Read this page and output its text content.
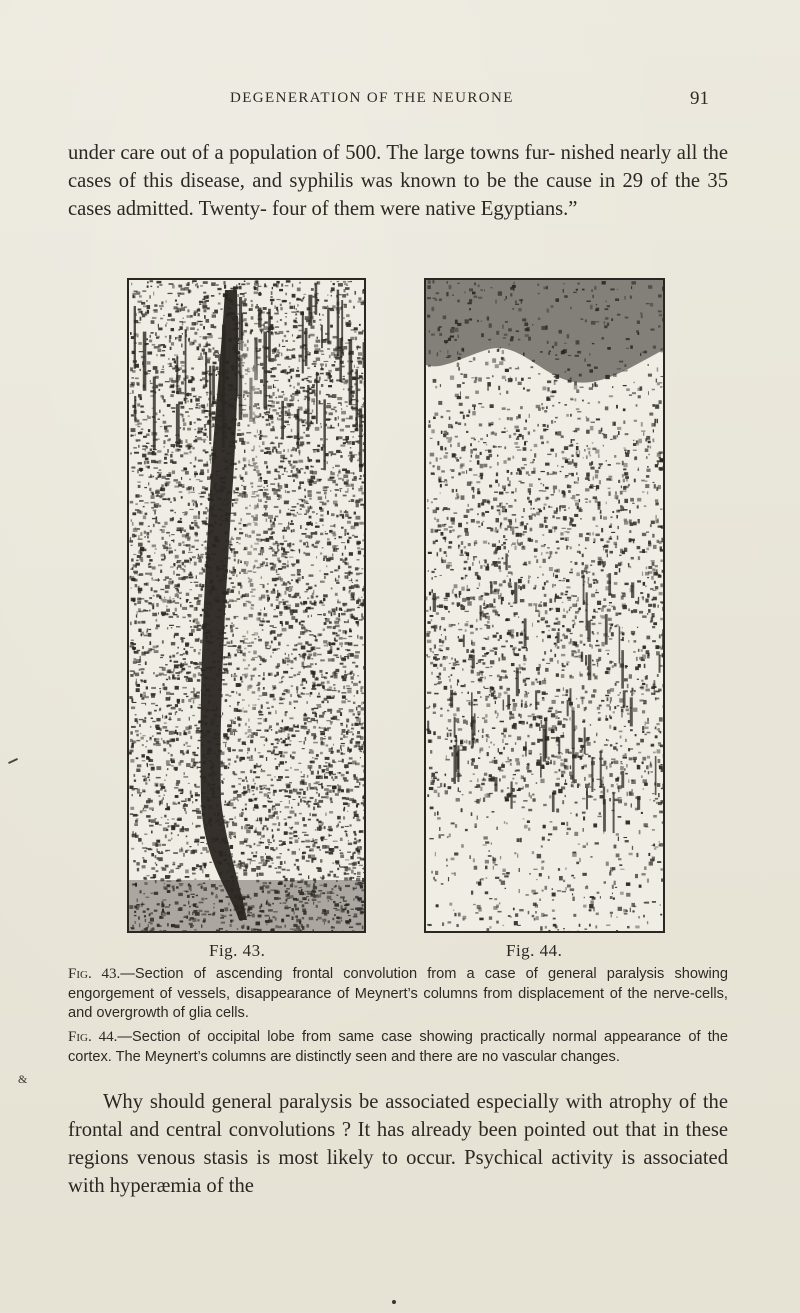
DEGENERATION OF THE NEURONE	91

under care out of a population of 500. The large towns fur- nished nearly all the cases of this disease, and syphilis was known to be the cause in 29 of the 35 cases admitted. Twenty- four of them were native Egyptians.”

Fig. 43.	Fig. 44.

Fig. 43.—Section of ascending frontal convolution from a case of general paralysis showing engorgement of vessels, disappearance of Meynert’s columns from displacement of the nerve-cells, and overgrowth of glia cells.

Fig. 44.—Section of occipital lobe from same case showing practically normal appearance of the cortex. The Meynert’s columns are distinctly seen and there are no vascular changes.

Why should general paralysis be associated especially with atrophy of the frontal and central convolutions ? It has already been pointed out that in these regions venous stasis is most likely to occur. Psychical activity is associated with hyperæmia of the

&
